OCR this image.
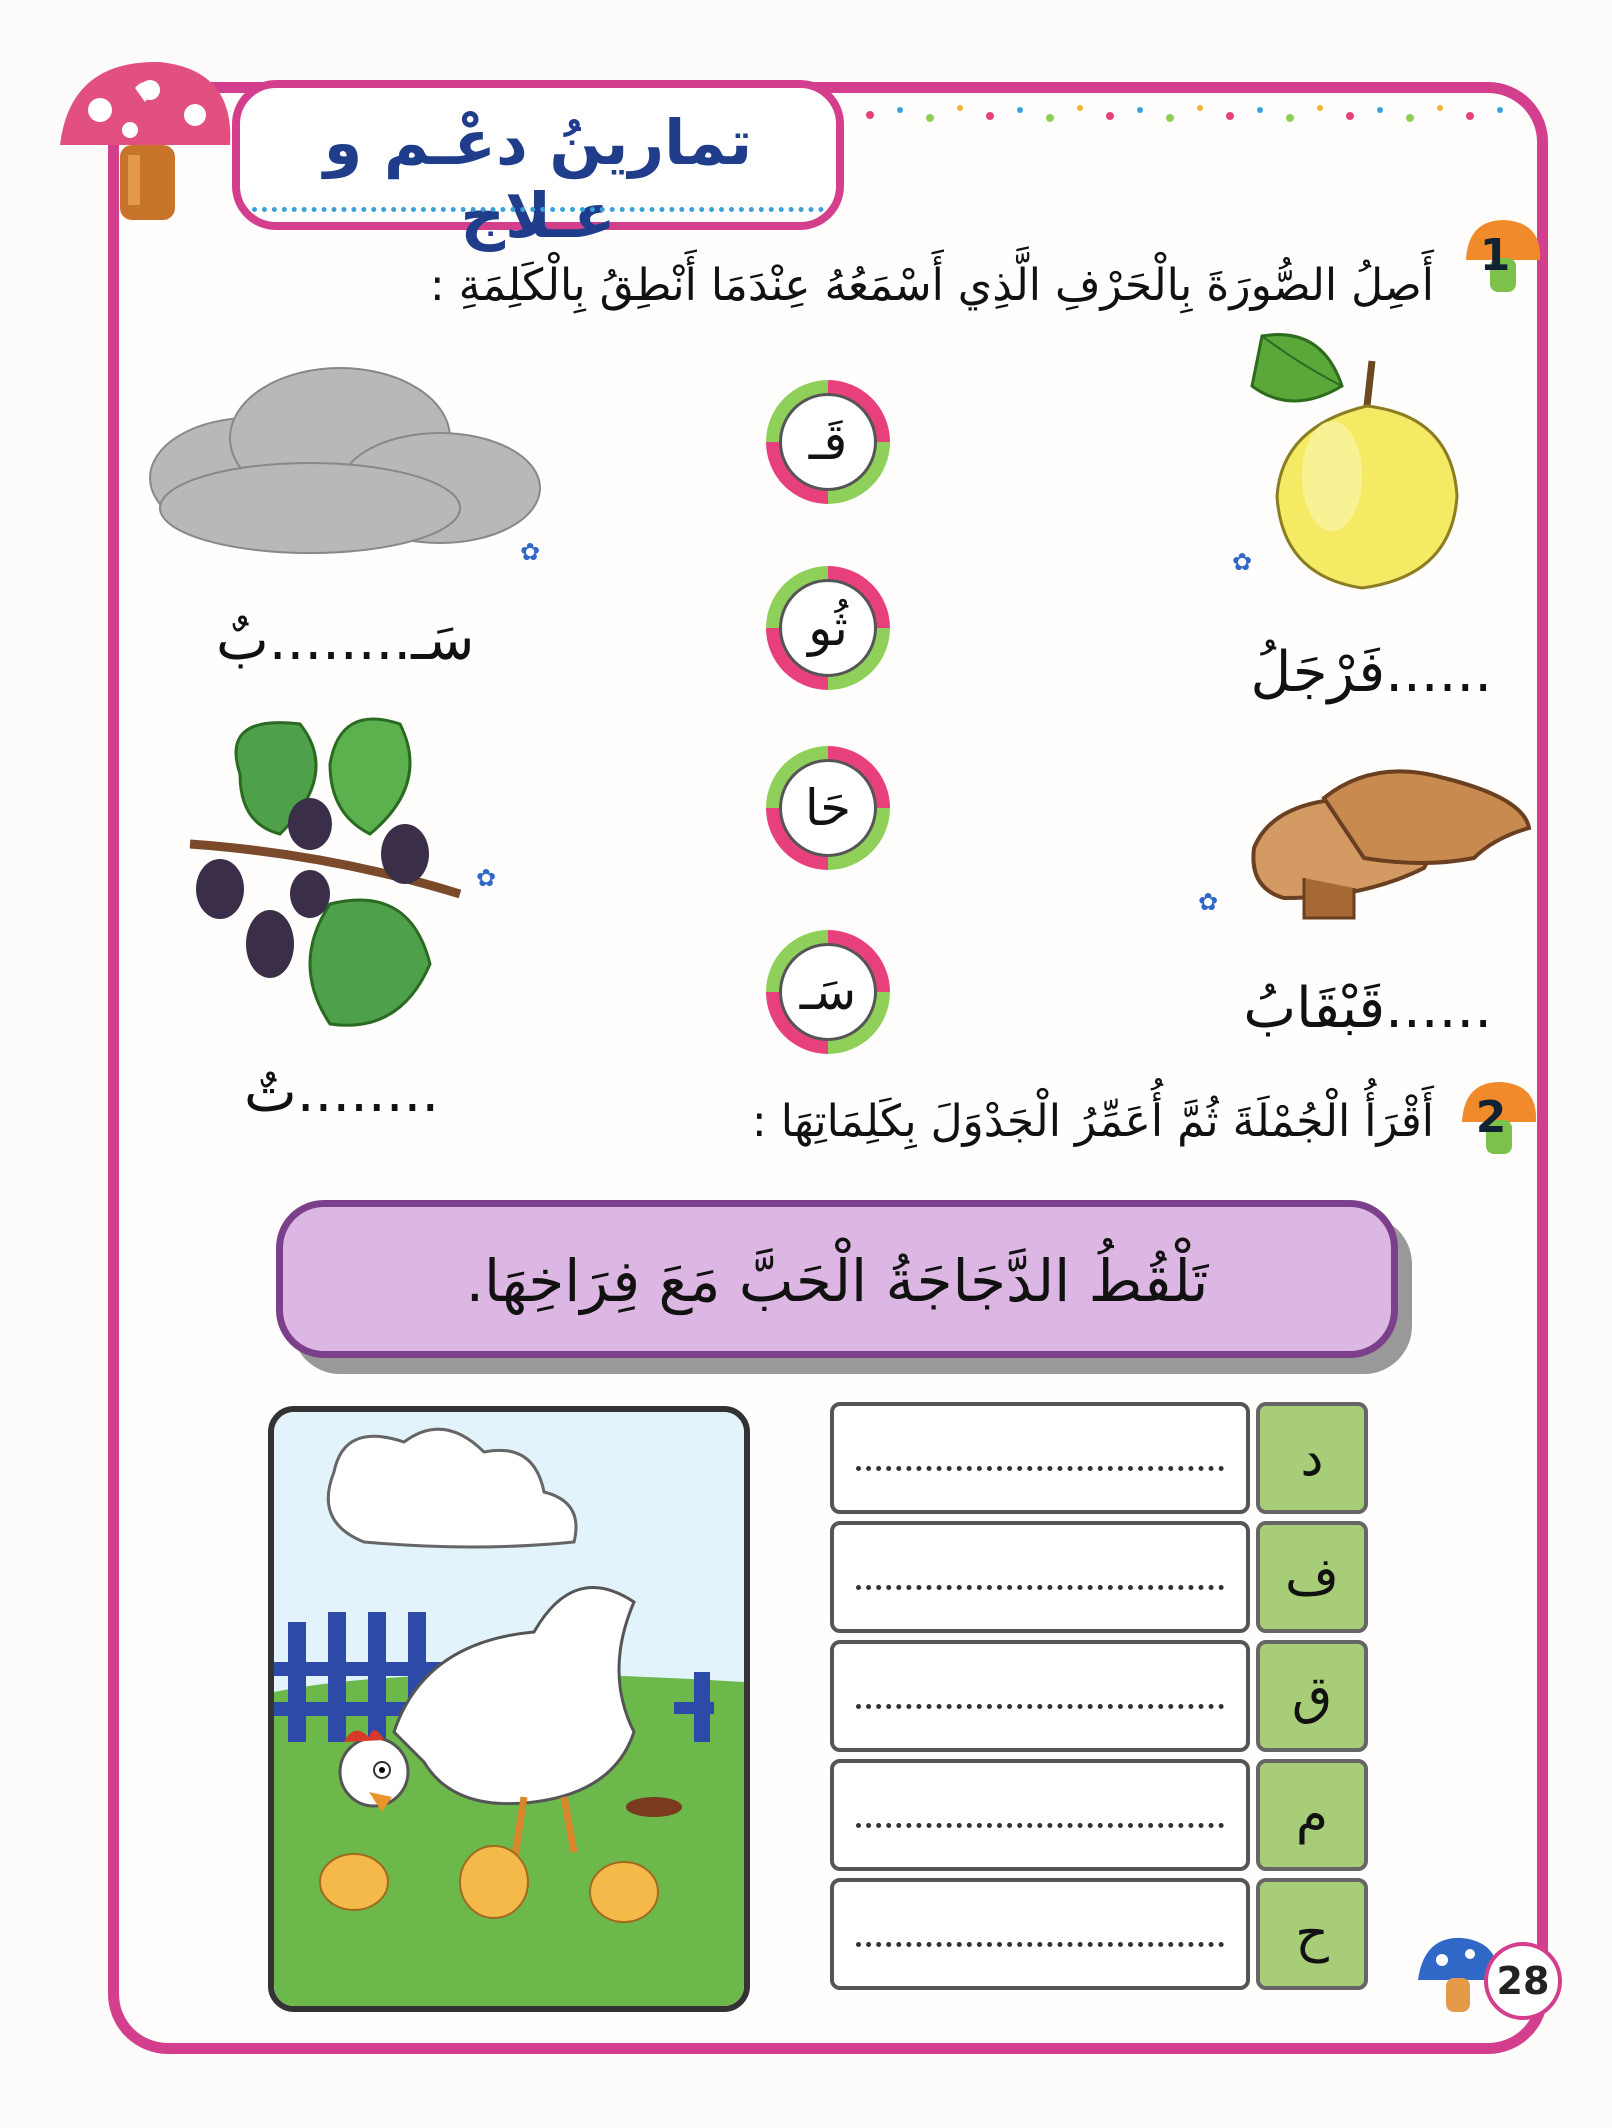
تمارينُ دعْـم و عـلاج
1
أَصِلُ الصُّورَةَ بِالْحَرْفِ الَّذِي أَسْمَعُهُ عِنْدَمَا أَنْطِقُ بِالْكَلِمَةِ :
✿
......فَرْجَلُ
✿
......قَبْقَابُ
✿
سَـ........بٌ
✿
........تٌ
قَـ
ثُو
حَا
سَـ
2
أَقْرَأُ الْجُمْلَةَ ثُمَّ أُعَمِّرُ الْجَدْوَلَ بِكَلِمَاتِهَا :
تَلْقُطُ الدَّجَاجَةُ الْحَبَّ مَعَ فِرَاخِهَا.
د
ف
ق
م
ح
28
